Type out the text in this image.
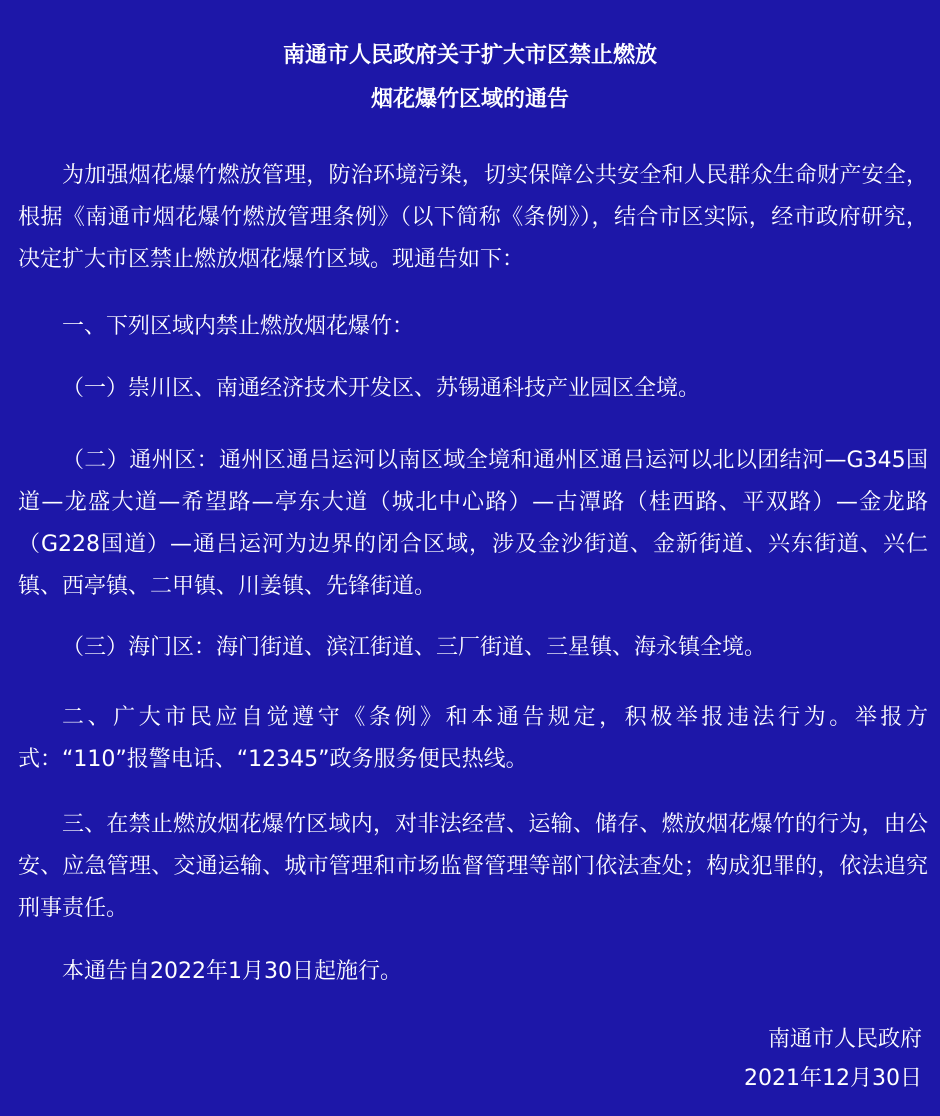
南通市人民政府关于扩大市区禁止燃放
烟花爆竹区域的通告

为加强烟花爆竹燃放管理，防治环境污染，切实保障公共安全和人民群众生命财产安全，根据《南通市烟花爆竹燃放管理条例》（以下简称《条例》），结合市区实际，经市政府研究，决定扩大市区禁止燃放烟花爆竹区域。现通告如下：

一、下列区域内禁止燃放烟花爆竹：

（一）崇川区、南通经济技术开发区、苏锡通科技产业园区全境。

（二）通州区：通州区通吕运河以南区域全境和通州区通吕运河以北以团结河—G345国道—龙盛大道—希望路—亭东大道（城北中心路）—古潭路（桂西路、平双路）—金龙路（G228国道）—通吕运河为边界的闭合区域，涉及金沙街道、金新街道、兴东街道、兴仁镇、西亭镇、二甲镇、川姜镇、先锋街道。

（三）海门区：海门街道、滨江街道、三厂街道、三星镇、海永镇全境。

二、广大市民应自觉遵守《条例》和本通告规定，积极举报违法行为。举报方式：“110”报警电话、“12345”政务服务便民热线。

三、在禁止燃放烟花爆竹区域内，对非法经营、运输、储存、燃放烟花爆竹的行为，由公安、应急管理、交通运输、城市管理和市场监督管理等部门依法查处；构成犯罪的，依法追究刑事责任。

本通告自2022年1月30日起施行。

南通市人民政府
2021年12月30日
